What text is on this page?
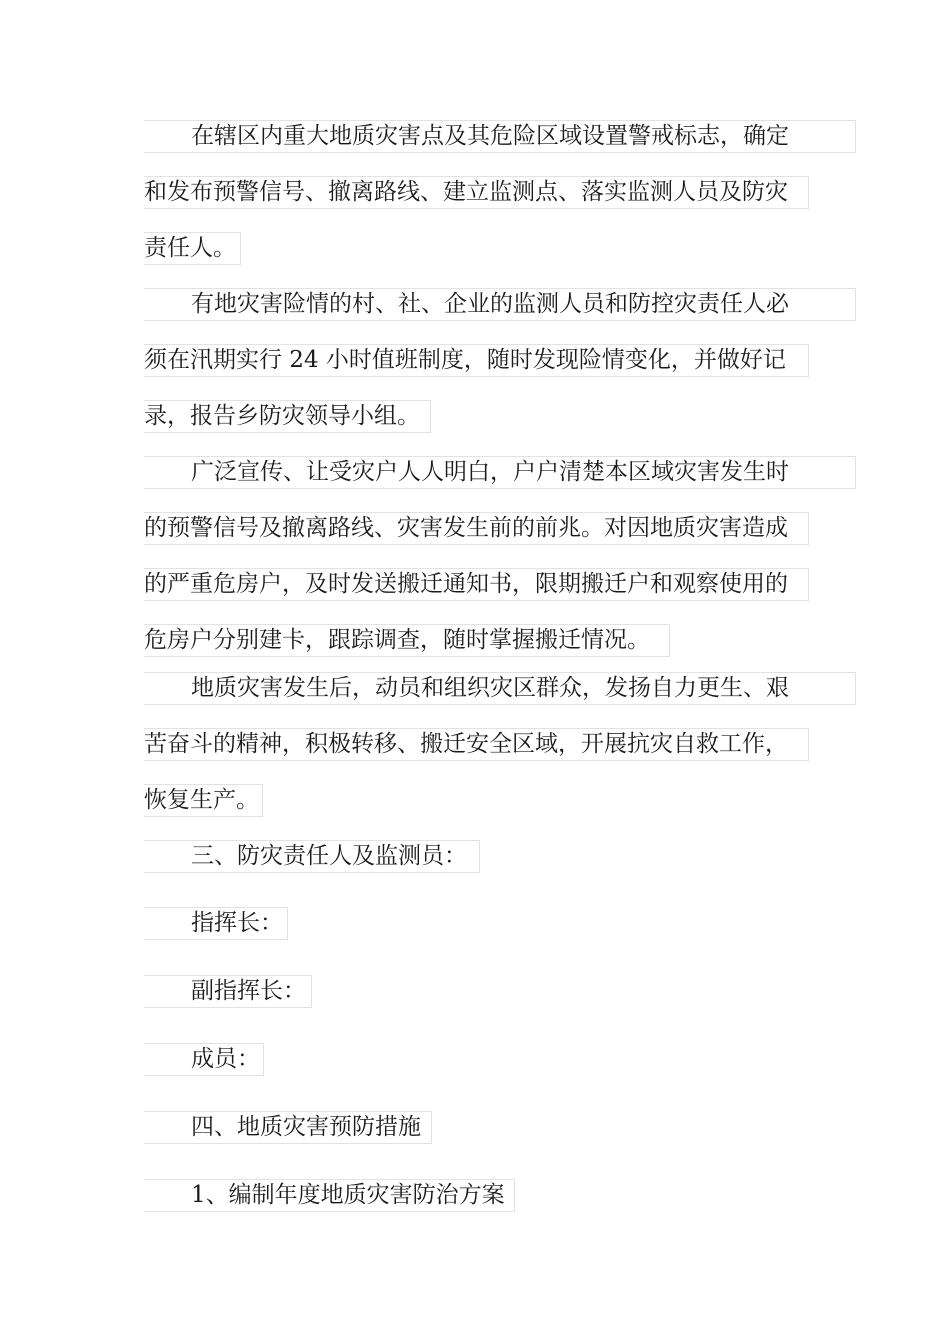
在辖区内重大地质灾害点及其危险区域设置警戒标志，确定
和发布预警信号、撤离路线、建立监测点、落实监测人员及防灾
责任人。
有地灾害险情的村、社、企业的监测人员和防控灾责任人必
须在汛期实行 24 小时值班制度，随时发现险情变化，并做好记
录，报告乡防灾领导小组。
广泛宣传、让受灾户人人明白，户户清楚本区域灾害发生时
的预警信号及撤离路线、灾害发生前的前兆。对因地质灾害造成
的严重危房户，及时发送搬迁通知书，限期搬迁户和观察使用的
危房户分别建卡，跟踪调查，随时掌握搬迁情况。
地质灾害发生后，动员和组织灾区群众，发扬自力更生、艰
苦奋斗的精神，积极转移、搬迁安全区域，开展抗灾自救工作，
恢复生产。
三、防灾责任人及监测员：
指挥长：
副指挥长：
成员：
四、地质灾害预防措施
1、编制年度地质灾害防治方案
